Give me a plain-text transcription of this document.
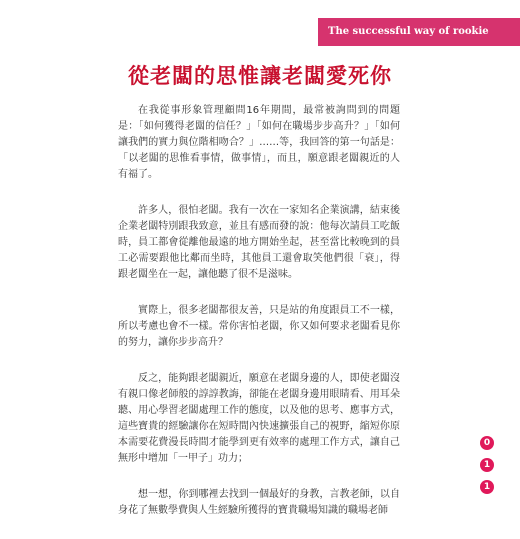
The successful way of rookie
從老闆的思惟讓老闆愛死你

在我從事形象管理顧問16年期間，最常被詢問到的問題是：「如何獲得老闆的信任？」「如何在職場步步高升？」「如何讓我們的實力與位階相吻合？」……等，我回答的第一句話是：「以老闆的思惟看事情，做事情」，而且，願意跟老闆親近的人有福了。

許多人，很怕老闆。我有一次在一家知名企業演講，結束後企業老闆特別跟我致意，並且有感而發的說：他每次請員工吃飯時，員工都會從離他最遠的地方開始坐起，甚至當比較晚到的員工必需要跟他比鄰而坐時，其他員工還會取笑他們很「衰」，得跟老闆坐在一起，讓他聽了很不是滋味。

實際上，很多老闆都很友善，只是站的角度跟員工不一樣，所以考慮也會不一樣。常你害怕老闆，你又如何要求老闆看見你的努力，讓你步步高升？

反之，能夠跟老闆親近，願意在老闆身邊的人，即使老闆沒有親口像老師般的諄諄教誨，卻能在老闆身邊用眼睛看、用耳朵聽、用心學習老闆處理工作的態度，以及他的思考、應事方式，這些寶貴的經驗讓你在短時間內快速擴張自己的視野，縮短你原本需要花費漫長時間才能學到更有效率的處理工作方式，讓自己無形中增加「一甲子」功力；

想一想，你到哪裡去找到一個最好的身教，言教老師，以自身花了無數學費與人生經驗所獲得的寶貴職場知識的職場老師

0
1
1
